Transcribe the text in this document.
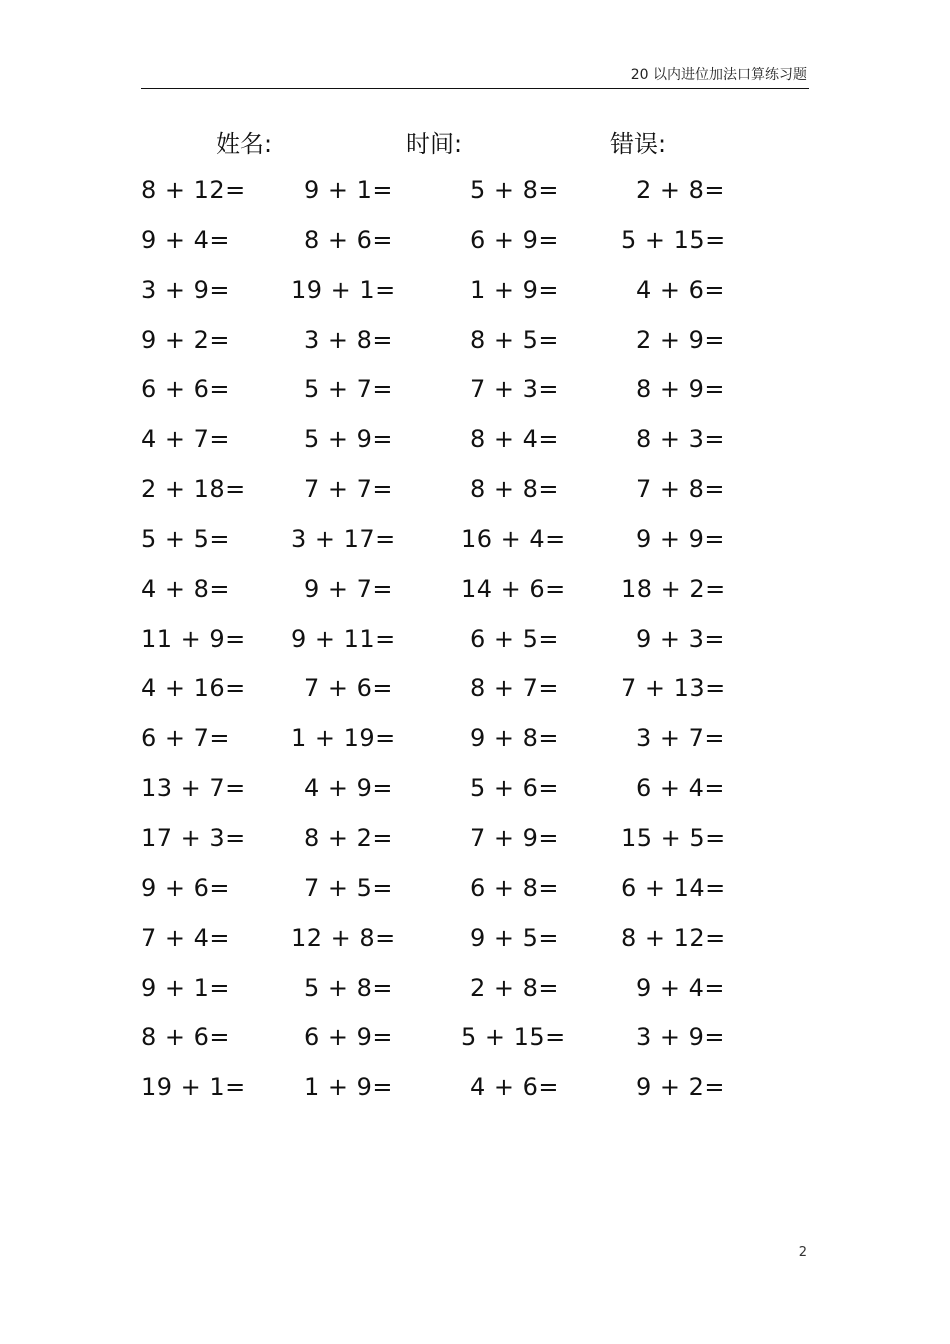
20 以内进位加法口算练习题
姓名:	时间:	错误:
8 + 12=	9 + 1=	5 + 8=	2 + 8=
9 + 4=	8 + 6=	6 + 9=	5 + 15=
3 + 9=	19 + 1=	1 + 9=	4 + 6=
9 + 2=	3 + 8=	8 + 5=	2 + 9=
6 + 6=	5 + 7=	7 + 3=	8 + 9=
4 + 7=	5 + 9=	8 + 4=	8 + 3=
2 + 18=	7 + 7=	8 + 8=	7 + 8=
5 + 5=	3 + 17=	16 + 4=	9 + 9=
4 + 8=	9 + 7=	14 + 6= 18 + 2=
11 + 9= 9 + 11=	6 + 5=	9 + 3=
4 + 16=	7 + 6=	8 + 7=	7 + 13=
6 + 7=	1 + 19=	9 + 8=	3 + 7=
13 + 7=	4 + 9=	5 + 6=	6 + 4=
17 + 3=	8 + 2=	7 + 9=	15 + 5=
9 + 6=	7 + 5=	6 + 8=	6 + 14=
7 + 4=	12 + 8=	9 + 5=	8 + 12=
9 + 1=	5 + 8=	2 + 8=	9 + 4=
8 + 6=	6 + 9=	5 + 15=	3 + 9=
19 + 1=	1 + 9=	4 + 6=	9 + 2=
2
